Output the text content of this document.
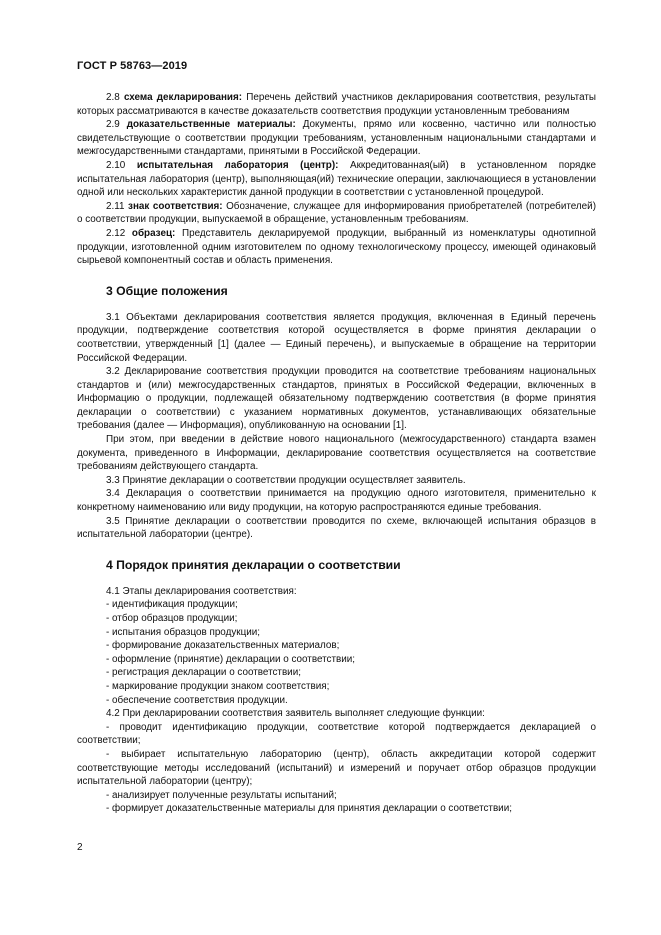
ГОСТ Р 58763—2019

2.8 схема декларирования: Перечень действий участников декларирования соответствия, результаты которых рассматриваются в качестве доказательств соответствия продукции установленным требованиям

2.9 доказательственные материалы: Документы, прямо или косвенно, частично или полностью свидетельствующие о соответствии продукции требованиям, установленным национальными стандартами и межгосударственными стандартами, принятыми в Российской Федерации.

2.10 испытательная лаборатория (центр): Аккредитованная(ый) в установленном порядке испытательная лаборатория (центр), выполняющая(ий) технические операции, заключающиеся в установлении одной или нескольких характеристик данной продукции в соответствии с установленной процедурой.

2.11 знак соответствия: Обозначение, служащее для информирования приобретателей (потребителей) о соответствии продукции, выпускаемой в обращение, установленным требованиям.

2.12 образец: Представитель декларируемой продукции, выбранный из номенклатуры однотипной продукции, изготовленной одним изготовителем по одному технологическому процессу, имеющей одинаковый сырьевой компонентный состав и область применения.

3 Общие положения

3.1 Объектами декларирования соответствия является продукция, включенная в Единый перечень продукции, подтверждение соответствия которой осуществляется в форме принятия декларации о соответствии, утвержденный [1] (далее — Единый перечень), и выпускаемые в обращение на территории Российской Федерации.

3.2 Декларирование соответствия продукции проводится на соответствие требованиям национальных стандартов и (или) межгосударственных стандартов, принятых в Российской Федерации, включенных в Информацию о продукции, подлежащей обязательному подтверждению соответствия (в форме принятия декларации о соответствии) с указанием нормативных документов, устанавливающих обязательные требования (далее — Информация), опубликованную на основании [1].

При этом, при введении в действие нового национального (межгосударственного) стандарта взамен документа, приведенного в Информации, декларирование соответствия осуществляется на соответствие требованиям действующего стандарта.

3.3 Принятие декларации о соответствии продукции осуществляет заявитель.

3.4 Декларация о соответствии принимается на продукцию одного изготовителя, применительно к конкретному наименованию или виду продукции, на которую распространяются единые требования.

3.5 Принятие декларации о соответствии проводится по схеме, включающей испытания образцов в испытательной лаборатории (центре).

4 Порядок принятия декларации о соответствии

4.1 Этапы декларирования соответствия:

- идентификация продукции;

- отбор образцов продукции;

- испытания образцов продукции;

- формирование доказательственных материалов;

- оформление (принятие) декларации о соответствии;

- регистрация декларации о соответствии;

- маркирование продукции знаком соответствия;

- обеспечение соответствия продукции.

4.2 При декларировании соответствия заявитель выполняет следующие функции:

- проводит идентификацию продукции, соответствие которой подтверждается декларацией о соответствии;

- выбирает испытательную лабораторию (центр), область аккредитации которой содержит соответствующие методы исследований (испытаний) и измерений и поручает отбор образцов продукции испытательной лаборатории (центру);

- анализирует полученные результаты испытаний;

- формирует доказательственные материалы для принятия декларации о соответствии;

2
